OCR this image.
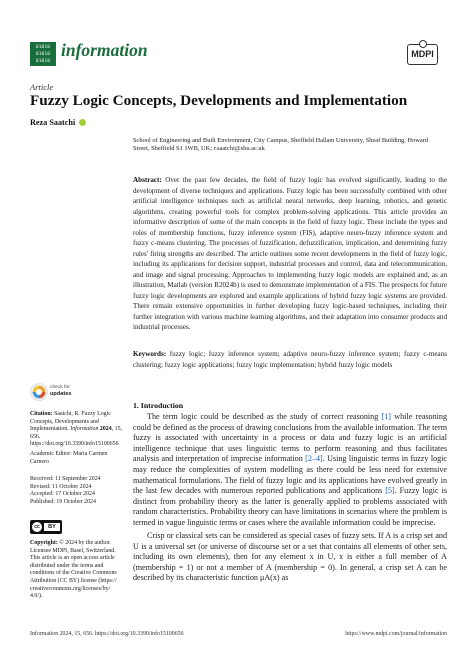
01010
01010
01010
information	MDPI
Article
Fuzzy Logic Concepts, Developments and Implementation
Reza Saatchi
School of Engineering and Built Environment, City Campus, Sheffield Hallam University, Sheaf Building, Howard Street, Sheffield S1 1WB, UK; r.saatchi@shu.ac.uk
Abstract: Over the past few decades, the field of fuzzy logic has evolved significantly, leading to the development of diverse techniques and applications. Fuzzy logic has been successfully combined with other artificial intelligence techniques such as artificial neural networks, deep learning, robotics, and genetic algorithms, creating powerful tools for complex problem-solving applications. This article provides an informative description of some of the main concepts in the field of fuzzy logic. These include the types and roles of membership functions, fuzzy inference system (FIS), adaptive neuro-fuzzy inference system and fuzzy c-means clustering. The processes of fuzzification, defuzzification, implication, and determining fuzzy rules' firing strengths are described. The article outlines some recent developments in the field of fuzzy logic, including its applications for decision support, industrial processes and control, data and telecommunication, and image and signal processing. Approaches to implementing fuzzy logic models are explained and, as an illustration, Matlab (version R2024b) is used to demonstrate implementation of a FIS. The prospects for future fuzzy logic developments are explored and example applications of hybrid fuzzy logic systems are provided. There remain extensive opportunities in further developing fuzzy logic-based techniques, including their further integration with various machine learning algorithms, and their adaptation into consumer products and industrial processes.
Keywords: fuzzy logic; fuzzy inference system; adaptive neuro-fuzzy inference system; fuzzy c-means clustering; fuzzy logic applications; fuzzy logic implementation; hybrid fuzzy logic models
check for
updates
Citation: Saatchi, R. Fuzzy Logic Concepts, Developments and Implementation. Information 2024, 15, 656. https://doi.org/10.3390/info15100656
Academic Editor: Maria Carmen Carnero
Received: 11 September 2024
Revised: 11 October 2024
Accepted: 17 October 2024
Published: 19 October 2024
cc	BY
Copyright: © 2024 by the author. Licensee MDPI, Basel, Switzerland. This article is an open access article distributed under the terms and conditions of the Creative Commons Attribution (CC BY) license (https:// creativecommons.org/licenses/by/ 4.0/).
1. Introduction
The term logic could be described as the study of correct reasoning [1] while reasoning could be defined as the process of drawing conclusions from the available information. The term fuzzy is associated with uncertainty in a process or data and fuzzy logic is an artificial intelligence technique that uses linguistic terms to perform reasoning and thus facilitates analysis and interpretation of imprecise information [2–4]. Using linguistic terms in fuzzy logic may reduce the complexities of system modelling as there could be less need for extensive mathematical formulations. The field of fuzzy logic and its applications have evolved greatly in the last few decades with numerous reported publications and applications [5]. Fuzzy logic is distinct from probability theory as the latter is generally applied to problems associated with random characteristics. Probability theory can have limitations in scenarios where the problem is termed in vague linguistic terms or cases where the available information could be imprecise.
Crisp or classical sets can be considered as special cases of fuzzy sets. If A is a crisp set and U is a universal set (or universe of discourse set or a set that contains all elements of other sets, including its own elements), then for any element x in U, x is either a full member of A (membership = 1) or not a member of A (membership = 0). In general, a crisp set A can be described by its characteristic function μA(x) as
Information 2024, 15, 656. https://doi.org/10.3390/info15100656	https://www.mdpi.com/journal/information
